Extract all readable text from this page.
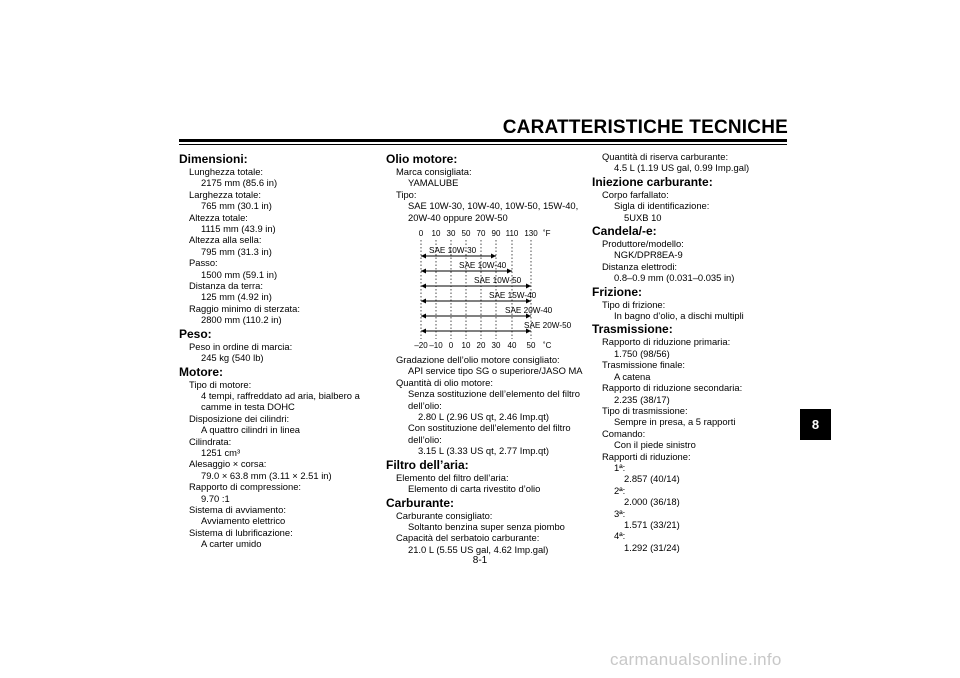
CARATTERISTICHE TECNICHE
Dimensioni:
Lunghezza totale:
2175 mm (85.6 in)
Larghezza totale:
765 mm (30.1 in)
Altezza totale:
1115 mm (43.9 in)
Altezza alla sella:
795 mm (31.3 in)
Passo:
1500 mm (59.1 in)
Distanza da terra:
125 mm (4.92 in)
Raggio minimo di sterzata:
2800 mm (110.2 in)
Peso:
Peso in ordine di marcia:
245 kg (540 lb)
Motore:
Tipo di motore:
4 tempi, raffreddato ad aria, bialbero a
camme in testa DOHC
Disposizione dei cilindri:
A quattro cilindri in linea
Cilindrata:
1251 cm³
Alesaggio × corsa:
79.0 × 63.8 mm (3.11 × 2.51 in)
Rapporto di compressione:
9.70 :1
Sistema di avviamento:
Avviamento elettrico
Sistema di lubrificazione:
A carter umido
Olio motore:
Marca consigliata:
YAMALUBE
Tipo:
SAE 10W-30, 10W-40, 10W-50, 15W-40,
20W-40 oppure 20W-50
0 10 30 50 70 90 110 130 ˚F
–20 –10 0 10 20 30 40 50 ˚C
SAE 10W-30
SAE 10W-40
SAE 10W-50
SAE 15W-40
SAE 20W-40
SAE 20W-50
Gradazione dell’olio motore consigliato:
API service tipo SG o superiore/JASO MA
Quantità di olio motore:
Senza sostituzione dell’elemento del filtro
dell’olio:
2.80 L (2.96 US qt, 2.46 Imp.qt)
Con sostituzione dell’elemento del filtro
dell’olio:
3.15 L (3.33 US qt, 2.77 Imp.qt)
Filtro dell’aria:
Elemento del filtro dell’aria:
Elemento di carta rivestito d’olio
Carburante:
Carburante consigliato:
Soltanto benzina super senza piombo
Capacità del serbatoio carburante:
21.0 L (5.55 US gal, 4.62 Imp.gal)
Quantità di riserva carburante:
4.5 L (1.19 US gal, 0.99 Imp.gal)
Iniezione carburante:
Corpo farfallato:
Sigla di identificazione:
5UXB 10
Candela/-e:
Produttore/modello:
NGK/DPR8EA-9
Distanza elettrodi:
0.8–0.9 mm (0.031–0.035 in)
Frizione:
Tipo di frizione:
In bagno d’olio, a dischi multipli
Trasmissione:
Rapporto di riduzione primaria:
1.750 (98/56)
Trasmissione finale:
A catena
Rapporto di riduzione secondaria:
2.235 (38/17)
Tipo di trasmissione:
Sempre in presa, a 5 rapporti
Comando:
Con il piede sinistro
Rapporti di riduzione:
1ª:
2.857 (40/14)
2ª:
2.000 (36/18)
3ª:
1.571 (33/21)
4ª:
1.292 (31/24)
8-1
8
carmanualsonline.info
